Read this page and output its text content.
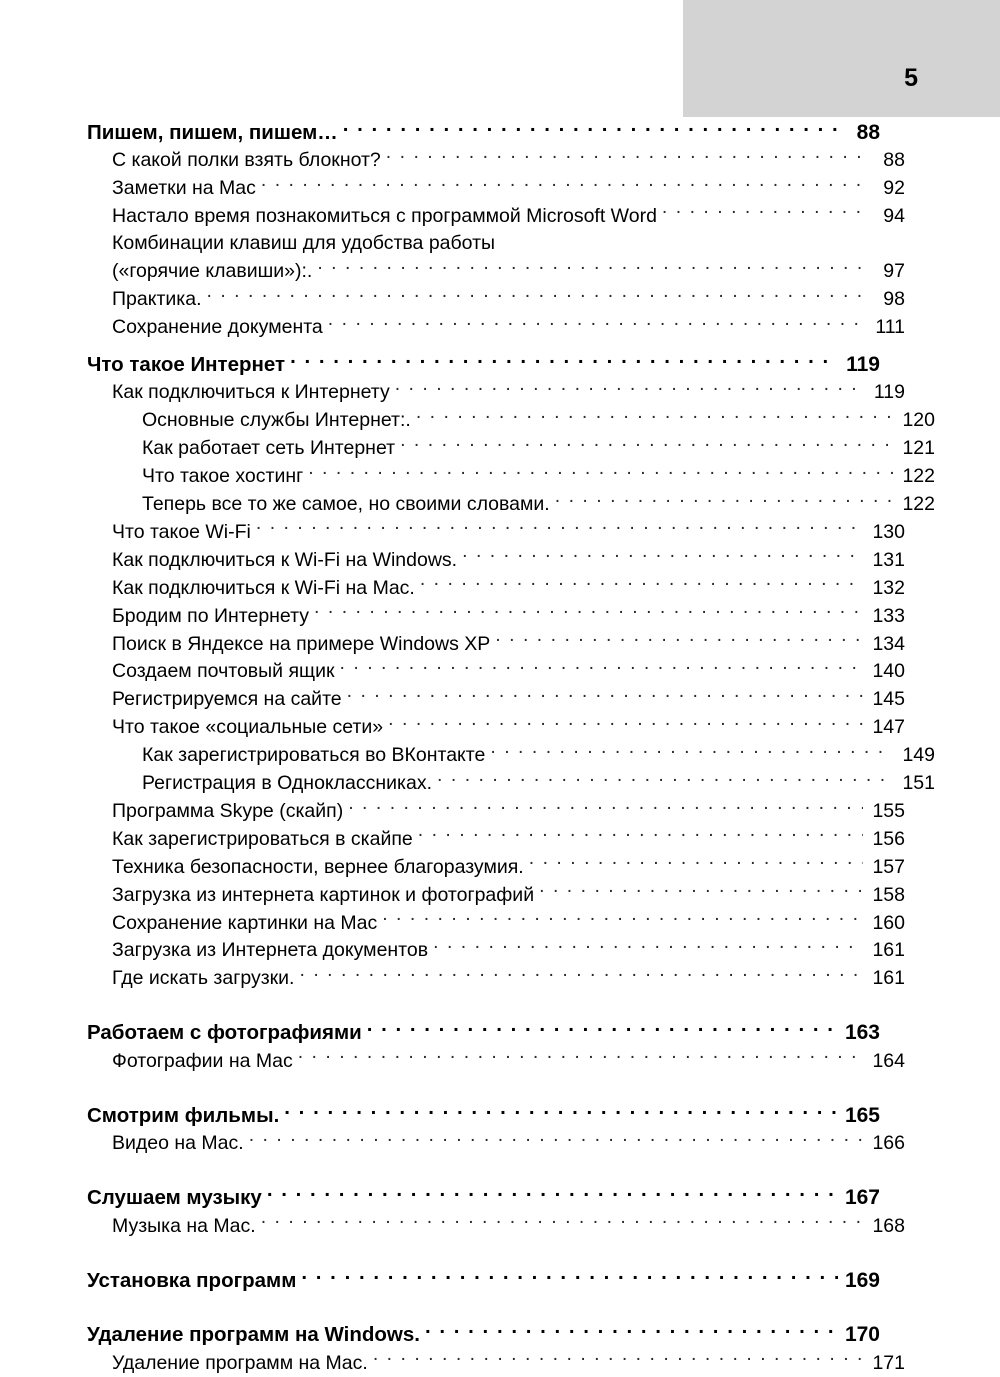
5
Пишем, пишем, пишем… . . .	88
С какой полки взять блокнот? . . .	88
Заметки на Mac . . .	92
Настало время познакомиться с программой Microsoft Word . . .	94
Комбинации клавиш для удобства работы
(«горячие клавиши»):. . . .	97
Практика. . . .	98
Сохранение документа . . .	111
Что такое Интернет . . .	119
Как подключиться к Интернету . . .	119
Основные службы Интернет:. . . .	120
Как работает сеть Интернет . . .	121
Что такое хостинг . . .	122
Теперь все то же самое, но своими словами. . . .	122
Что такое Wi-Fi . . .	130
Как подключиться к Wi-Fi на Windows. . . .	131
Как подключиться к Wi-Fi на Mac. . . .	132
Бродим по Интернету . . .	133
Поиск в Яндексе на примере Windows XP . . .	134
Создаем почтовый ящик . . .	140
Регистрируемся на сайте . . .	145
Что такое «социальные сети» . . .	147
Как зарегистрироваться во ВКонтакте . . .	149
Регистрация в Одноклассниках. . . .	151
Программа Skype (скайп) . . .	155
Как зарегистрироваться в скайпе . . .	156
Техника безопасности, вернее благоразумия. . . .	157
Загрузка из интернета картинок и фотографий . . .	158
Сохранение картинки на Mac . . .	160
Загрузка из Интернета документов . . .	161
Где искать загрузки. . . .	161
Работаем с фотографиями . . .	163
Фотографии на Mac . . .	164
Смотрим фильмы. . . .	165
Видео на Mac. . . .	166
Слушаем музыку . . .	167
Музыка на Mac. . . .	168
Установка программ . . .	169
Удаление программ на Windows. . . .	170
Удаление программ на Mac. . . .	171
